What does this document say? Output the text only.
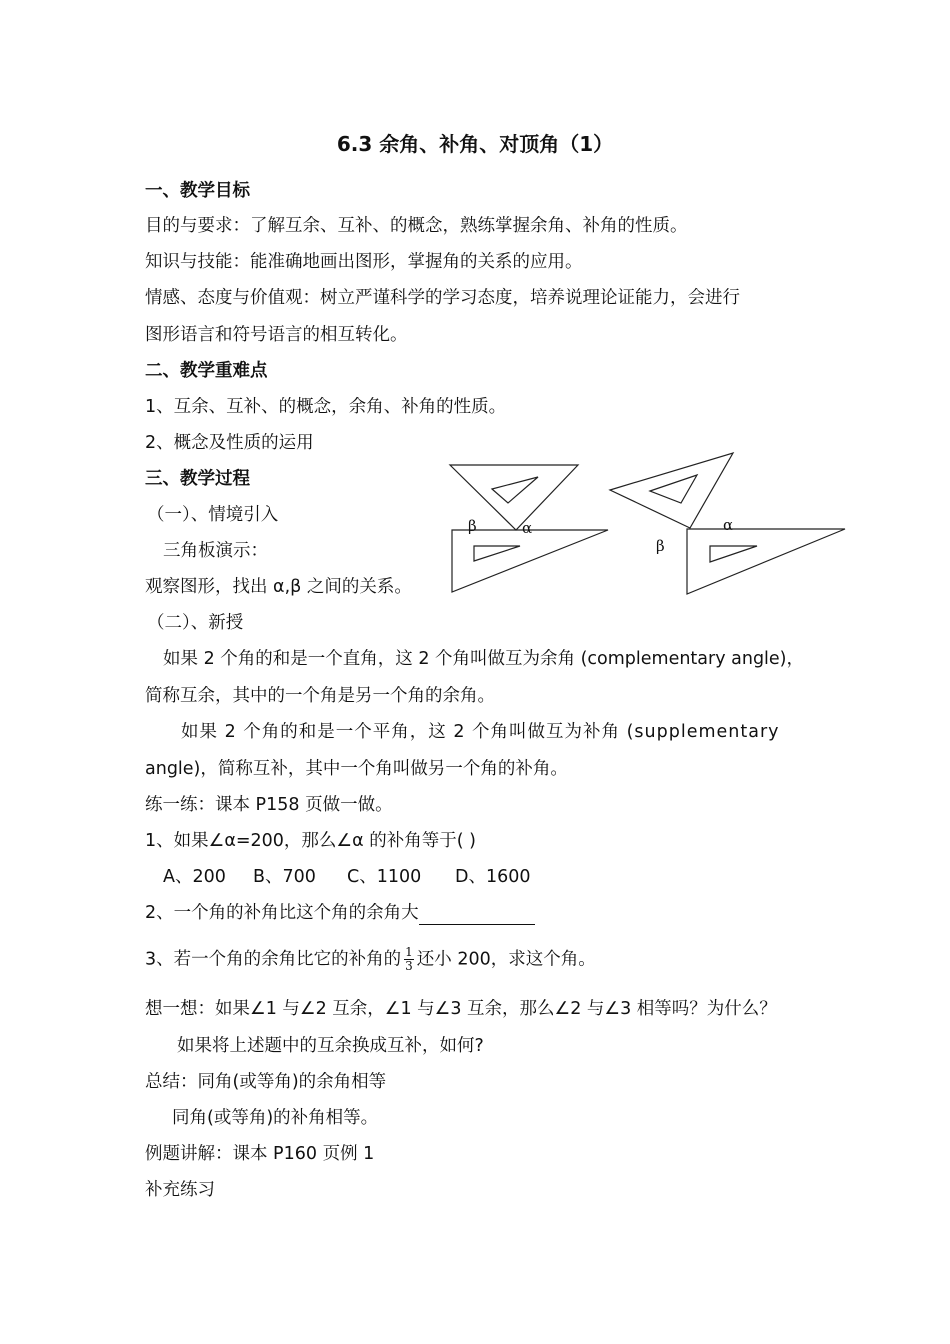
6.3 余角、补角、对顶角（1）
一、教学目标
目的与要求：了解互余、互补、的概念，熟练掌握余角、补角的性质。
知识与技能：能准确地画出图形，掌握角的关系的应用。
情感、态度与价值观：树立严谨科学的学习态度，培养说理论证能力，会进行
图形语言和符号语言的相互转化。
二、教学重难点
1、互余、互补、的概念，余角、补角的性质。
2、概念及性质的运用
三、教学过程
（一）、情境引入
三角板演示：
观察图形，找出 α,β 之间的关系。
（二）、新授
如果 2 个角的和是一个直角，这 2 个角叫做互为余角 (complementary angle)，
简称互余，其中的一个角是另一个角的余角。
如果 2 个角的和是一个平角，这 2 个角叫做互为补角 (supplementary
angle)，简称互补，其中一个角叫做另一个角的补角。
练一练：课本 P158 页做一做。
1、如果∠α=200，那么∠α 的补角等于( )
A、200 B、700 C、1100 D、1600
2、一个角的补角比这个角的余角大
3、若一个角的余角比它的补角的 $\frac{1}{3}$ 还小 200，求这个角。
想一想：如果∠1 与∠2 互余，∠1 与∠3 互余，那么∠2 与∠3 相等吗？为什么？
如果将上述题中的互余换成互补，如何?
总结：同角(或等角)的余角相等
同角(或等角)的补角相等。
例题讲解：课本 P160 页例 1
补充练习
β	α
β
α
